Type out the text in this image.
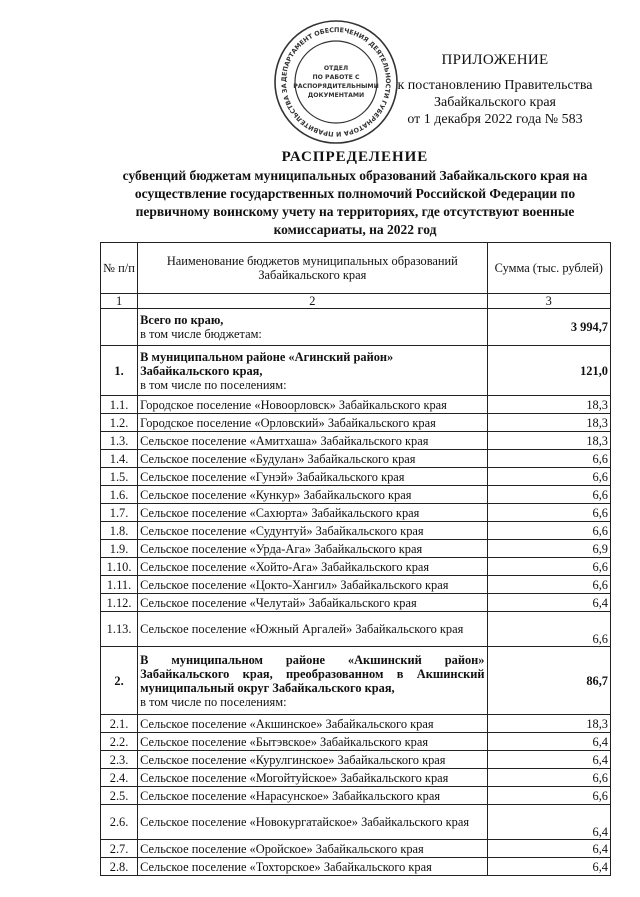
ДЕПАРТАМЕНТ ОБЕСПЕЧЕНИЯ ДЕЯТЕЛЬНОСТИ ГУБЕРНАТОРА И ПРАВИТЕЛЬСТВА ЗА
ОТДЕЛ
ПО РАБОТЕ С
РАСПОРЯДИТЕЛЬНЫМИ
ДОКУМЕНТАМИ
ПРИЛОЖЕНИЕ
к постановлению Правительства
Забайкальского края
от 1 декабря 2022 года № 583
РАСПРЕДЕЛЕНИЕ
субвенций бюджетам муниципальных образований Забайкальского края на осуществление государственных полномочий Российской Федерации по первичному воинскому учету на территориях, где отсутствуют военные комиссариаты, на 2022 год
№ п/п	Наименование бюджетов муниципальных образований Забайкальского края	Сумма (тыс. рублей)
1	2	3
	Всего по краю,
в том числе бюджетам:	3 994,7
1.	В муниципальном районе «Агинский район» Забайкальского края,
в том числе по поселениям:	121,0
1.1.	Городское поселение «Новоорловск» Забайкальского края	18,3
1.2.	Городское поселение «Орловский» Забайкальского края	18,3
1.3.	Сельское поселение «Амитхаша» Забайкальского края	18,3
1.4.	Сельское поселение «Будулан» Забайкальского края	6,6
1.5.	Сельское поселение «Гунэй» Забайкальского края	6,6
1.6.	Сельское поселение «Кункур» Забайкальского края	6,6
1.7.	Сельское поселение «Сахюрта» Забайкальского края	6,6
1.8.	Сельское поселение «Судунтуй» Забайкальского края	6,6
1.9.	Сельское поселение «Урда-Ага» Забайкальского края	6,9
1.10.	Сельское поселение «Хойто-Ага» Забайкальского края	6,6
1.11.	Сельское поселение «Цокто-Хангил» Забайкальского края	6,6
1.12.	Сельское поселение «Челутай» Забайкальского края	6,4
1.13.	Сельское поселение «Южный Аргалей» Забайкальского края	6,6
2.	В муниципальном районе «Акшинский район» Забайкальского края, преобразованном в Акшинский муниципальный округ Забайкальского края,
в том числе по поселениям:	86,7
2.1.	Сельское поселение «Акшинское» Забайкальского края	18,3
2.2.	Сельское поселение «Бытэвское» Забайкальского края	6,4
2.3.	Сельское поселение «Курулгинское» Забайкальского края	6,4
2.4.	Сельское поселение «Могойтуйское» Забайкальского края	6,6
2.5.	Сельское поселение «Нарасунское» Забайкальского края	6,6
2.6.	Сельское поселение «Новокургатайское» Забайкальского края	6,4
2.7.	Сельское поселение «Оройское» Забайкальского края	6,4
2.8.	Сельское поселение «Тохторское» Забайкальского края	6,4
